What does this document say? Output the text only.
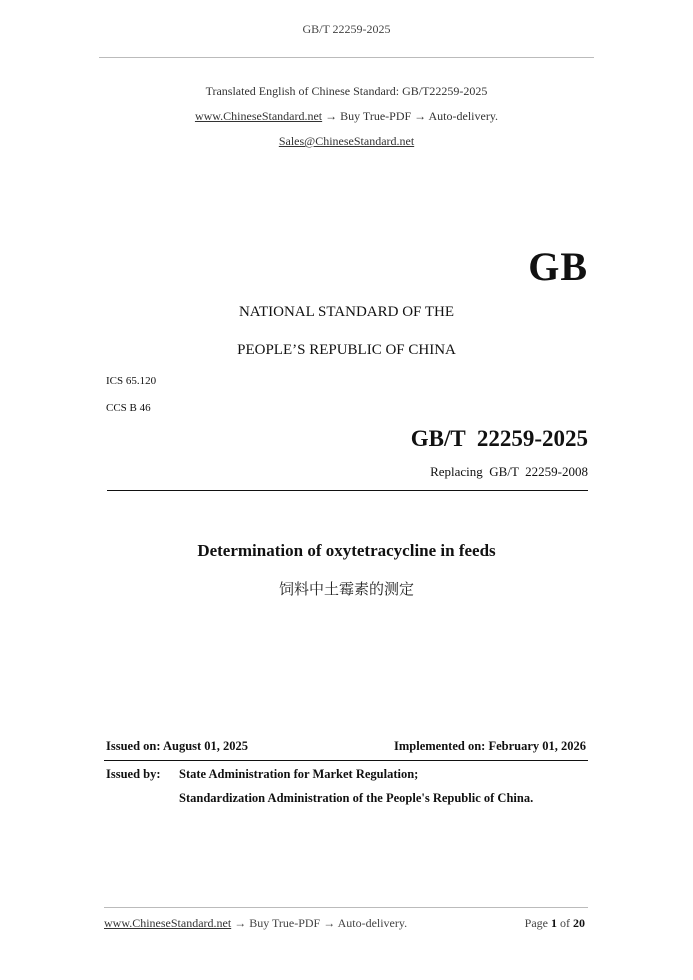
GB/T 22259-2025
Translated English of Chinese Standard: GB/T22259-2025
www.ChineseStandard.net → Buy True-PDF → Auto-delivery.
Sales@ChineseStandard.net
GB
NATIONAL STANDARD OF THE
PEOPLE’S REPUBLIC OF CHINA
ICS 65.120
CCS B 46
GB/T  22259-2025
Replacing  GB/T  22259-2008
Determination of oxytetracycline in feeds
饲料中土霉素的测定
Issued on: August 01, 2025	Implemented on: February 01, 2026
Issued by: State Administration for Market Regulation;
Standardization Administration of the People's Republic of China.
www.ChineseStandard.net → Buy True-PDF → Auto-delivery.	Page 1 of 20
